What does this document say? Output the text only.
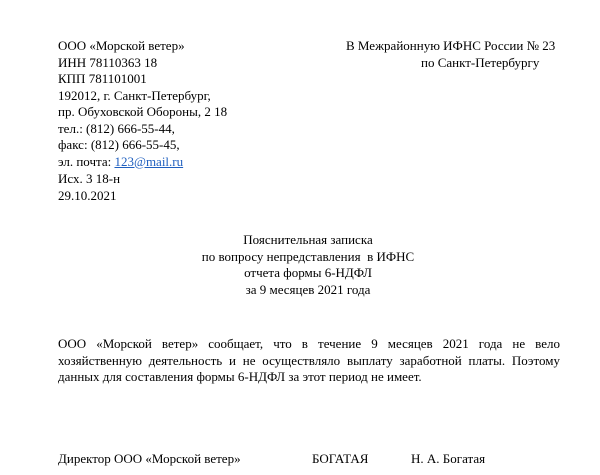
ООО «Морской ветер»
ИНН 78110363 18
КПП 781101001
192012, г. Санкт-Петербург,
пр. Обуховской Обороны, 2 18
тел.: (812) 666-55-44,
факс: (812) 666-55-45,
эл. почта: 123@mail.ru
В Межрайонную ИФНС России № 23
по Санкт-Петербургу
Исх. 3 18-н
29.10.2021
Пояснительная записка
по вопросу непредставления  в ИФНС
отчета формы 6-НДФЛ
за 9 месяцев 2021 года

ООО «Морской ветер» сообщает, что в течение 9 месяцев 2021 года не вело хозяйственную деятельность и не осуществляло выплату заработной платы. Поэтому данных для составления формы 6-НДФЛ за этот период не имеет.

Директор ООО «Морской ветер»	БОГАТАЯ	Н. А. Богатая
